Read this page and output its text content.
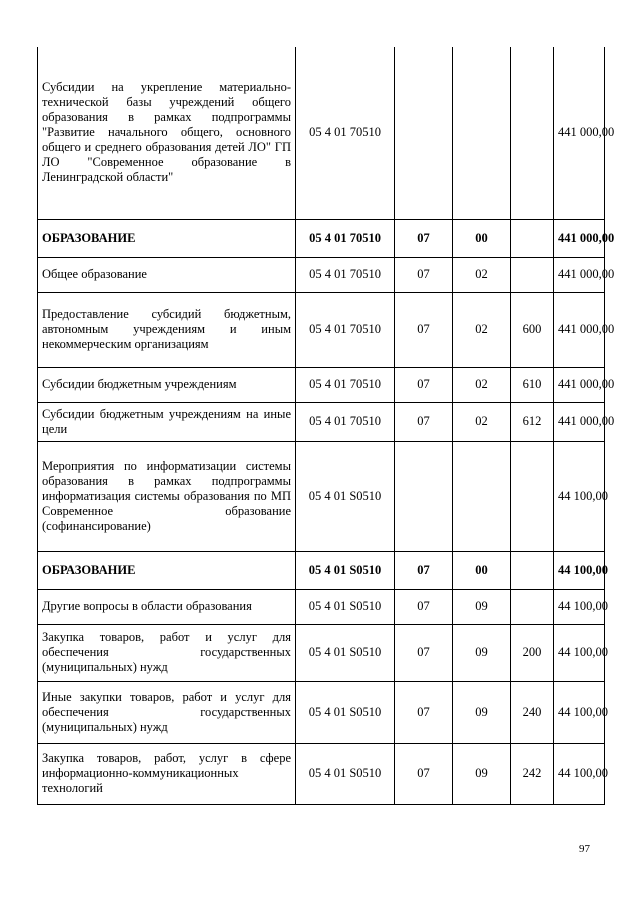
Субсидии на укрепление материально-технической базы учреждений общего образования в рамках подпрограммы "Развитие начального общего, основного общего и среднего образования детей ЛО" ГП ЛО "Современное образование в Ленинградской области"	05 4 01 70510				441 000,00
ОБРАЗОВАНИЕ	05 4 01 70510	07	00		441 000,00
Общее образование	05 4 01 70510	07	02		441 000,00
Предоставление субсидий бюджетным, автономным учреждениям и иным некоммерческим организациям	05 4 01 70510	07	02	600	441 000,00
Субсидии бюджетным учреждениям	05 4 01 70510	07	02	610	441 000,00
Субсидии бюджетным учреждениям на иные цели	05 4 01 70510	07	02	612	441 000,00
Мероприятия по информатизации системы образования в рамках подпрограммы информатизация системы образования по МП Современное образование (софинансирование)	05 4 01 S0510				44 100,00
ОБРАЗОВАНИЕ	05 4 01 S0510	07	00		44 100,00
Другие вопросы в области образования	05 4 01 S0510	07	09		44 100,00
Закупка товаров, работ и услуг для обеспечения государственных (муниципальных) нужд	05 4 01 S0510	07	09	200	44 100,00
Иные закупки товаров, работ и услуг для обеспечения государственных (муниципальных) нужд	05 4 01 S0510	07	09	240	44 100,00
Закупка товаров, работ, услуг в сфере информационно-коммуникационных технологий	05 4 01 S0510	07	09	242	44 100,00
97
